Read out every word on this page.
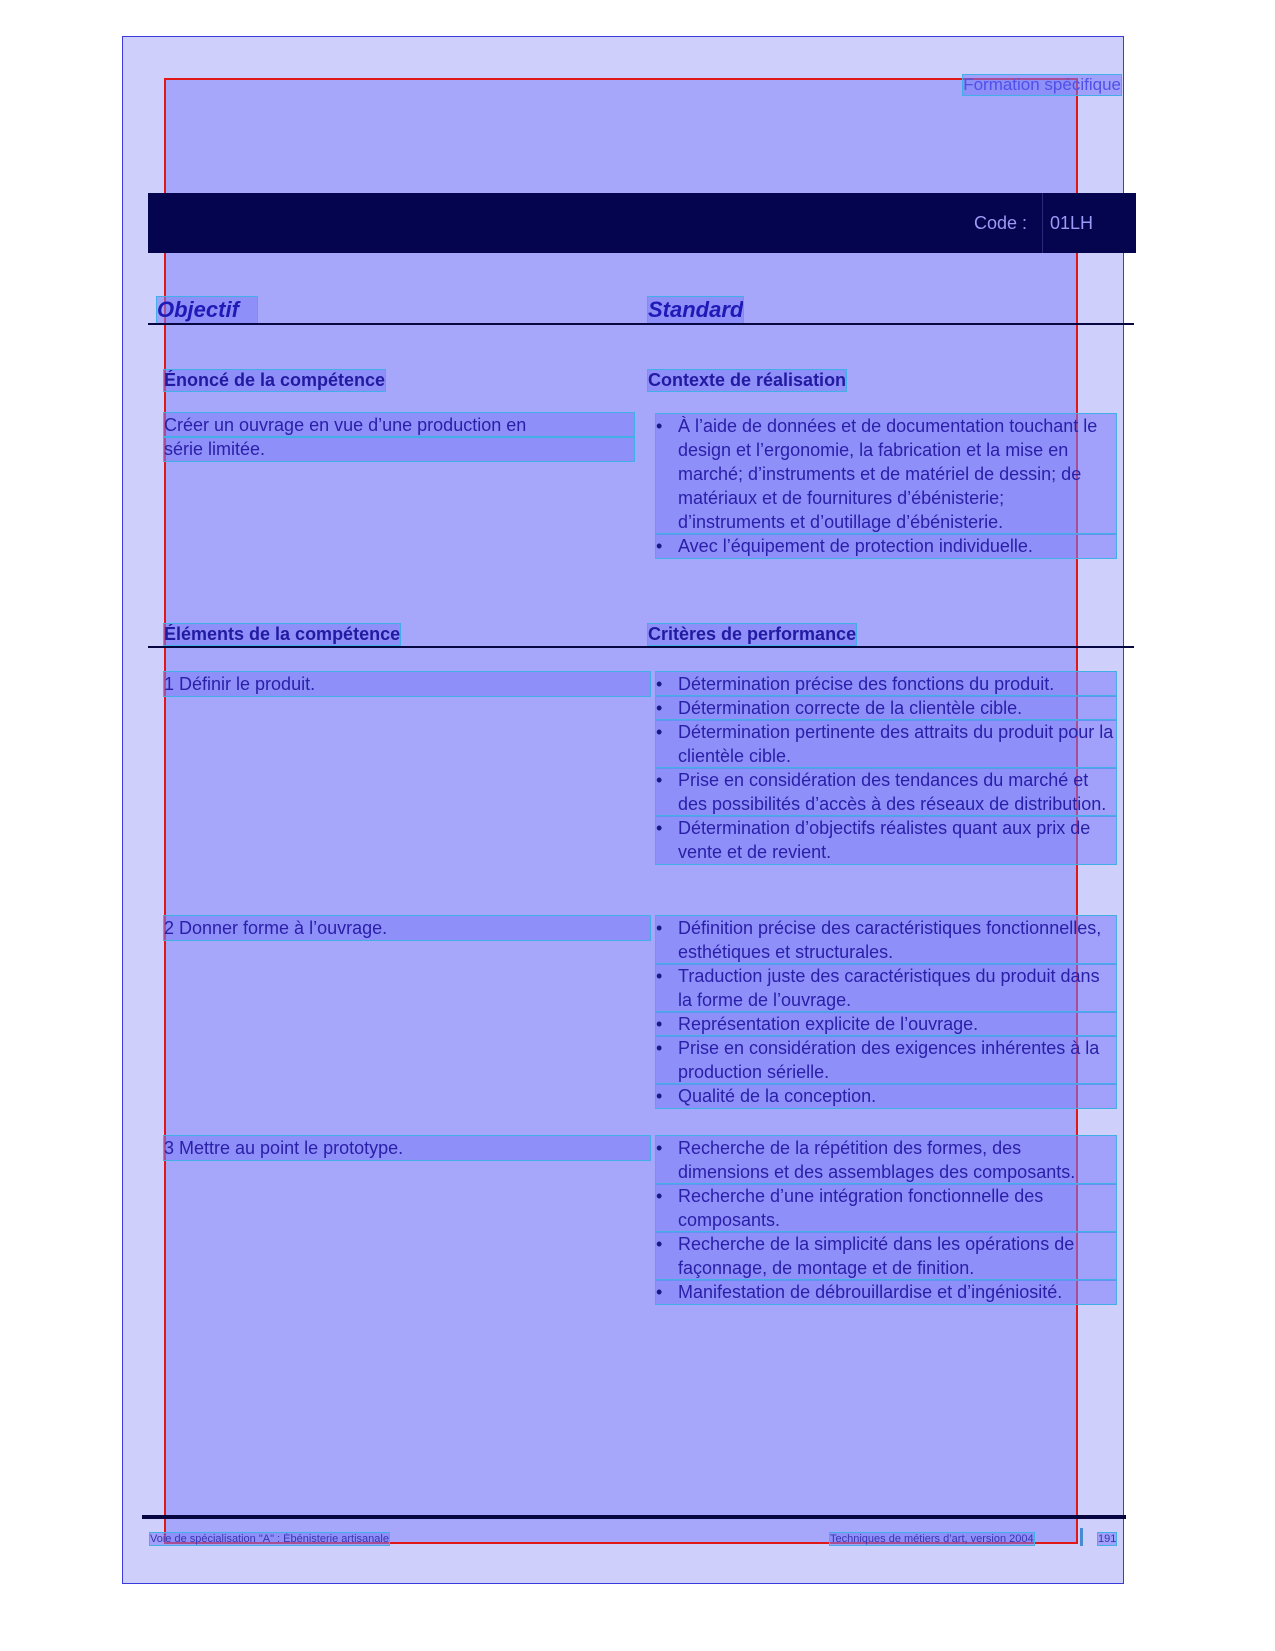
Formation spécifique
Code : 01LH
Objectif	Standard
Énoncé de la compétence	Contexte de réalisation
Créer un ouvrage en vue d’une production en
série limitée.
• À l’aide de données et de documentation touchant le design et l’ergonomie, la fabrication et la mise en marché; d’instruments et de matériel de dessin; de matériaux et de fournitures d’ébénisterie; d’instruments et d’outillage d’ébénisterie.
• Avec l’équipement de protection individuelle.
Éléments de la compétence	Critères de performance
1 Définir le produit.	• Détermination précise des fonctions du produit.
• Détermination correcte de la clientèle cible.
• Détermination pertinente des attraits du produit pour la clientèle cible.
• Prise en considération des tendances du marché et des possibilités d’accès à des réseaux de distribution.
• Détermination d’objectifs réalistes quant aux prix de vente et de revient.
2 Donner forme à l’ouvrage.	• Définition précise des caractéristiques fonctionnelles, esthétiques et structurales.
• Traduction juste des caractéristiques du produit dans la forme de l’ouvrage.
• Représentation explicite de l’ouvrage.
• Prise en considération des exigences inhérentes à la production sérielle.
• Qualité de la conception.
3 Mettre au point le prototype.	• Recherche de la répétition des formes, des dimensions et des assemblages des composants.
• Recherche d’une intégration fonctionnelle des composants.
• Recherche de la simplicité dans les opérations de façonnage, de montage et de finition.
• Manifestation de débrouillardise et d’ingéniosité.
Voie de spécialisation "A" : Ébénisterie artisanale	Techniques de métiers d’art, version 2004	191
